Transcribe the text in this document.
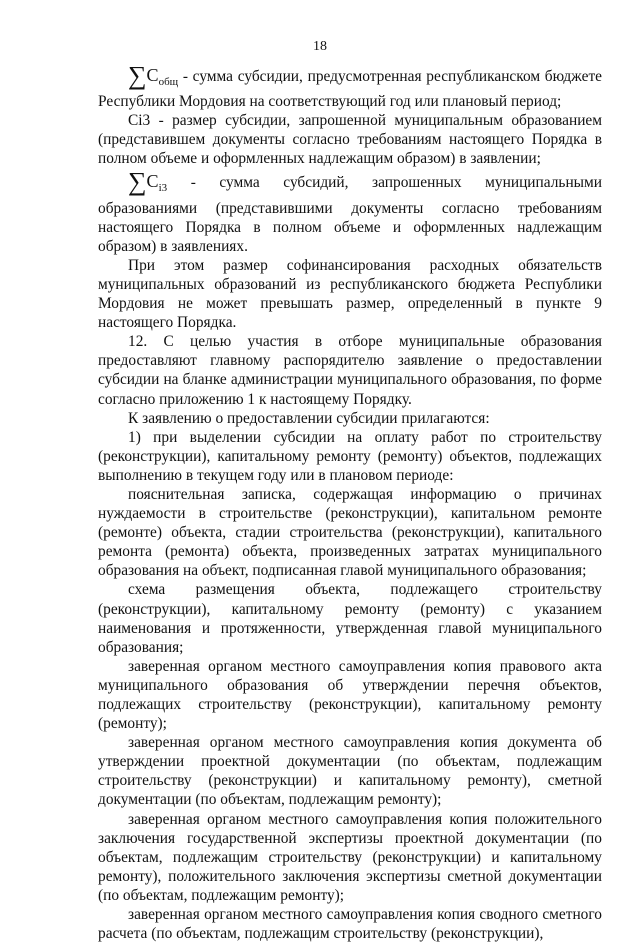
18

$\sum С_{общ}$ - сумма субсидии, предусмотренная республиканском бюджете Республики Мордовия на соответствующий год или плановый период;

Сi3 - размер субсидии, запрошенной муниципальным образованием (представившем документы согласно требованиям настоящего Порядка в полном объеме и оформленных надлежащим образом) в заявлении;

$\sum С_{i3}$ - сумма субсидий, запрошенных муниципальными образованиями (представившими документы согласно требованиям настоящего Порядка в полном объеме и оформленных надлежащим образом) в заявлениях.

При этом размер софинансирования расходных обязательств муниципальных образований из республиканского бюджета Республики Мордовия не может превышать размер, определенный в пункте 9 настоящего Порядка.

12. С целью участия в отборе муниципальные образования предоставляют главному распорядителю заявление о предоставлении субсидии на бланке администрации муниципального образования, по форме согласно приложению 1 к настоящему Порядку.

К заявлению о предоставлении субсидии прилагаются:

1) при выделении субсидии на оплату работ по строительству (реконструкции), капитальному ремонту (ремонту) объектов, подлежащих выполнению в текущем году или в плановом периоде:

пояснительная записка, содержащая информацию о причинах нуждаемости в строительстве (реконструкции), капитальном ремонте (ремонте) объекта, стадии строительства (реконструкции), капитального ремонта (ремонта) объекта, произведенных затратах муниципального образования на объект, подписанная главой муниципального образования;

схема размещения объекта, подлежащего строительству (реконструкции), капитальному ремонту (ремонту) с указанием наименования и протяженности, утвержденная главой муниципального образования;

заверенная органом местного самоуправления копия правового акта муниципального образования об утверждении перечня объектов, подлежащих строительству (реконструкции), капитальному ремонту (ремонту);

заверенная органом местного самоуправления копия документа об утверждении проектной документации (по объектам, подлежащим строительству (реконструкции) и капитальному ремонту), сметной документации (по объектам, подлежащим ремонту);

заверенная органом местного самоуправления копия положительного заключения государственной экспертизы проектной документации (по объектам, подлежащим строительству (реконструкции) и капитальному ремонту), положительного заключения экспертизы сметной документации (по объектам, подлежащим ремонту);

заверенная органом местного самоуправления копия сводного сметного расчета (по объектам, подлежащим строительству (реконструкции),
